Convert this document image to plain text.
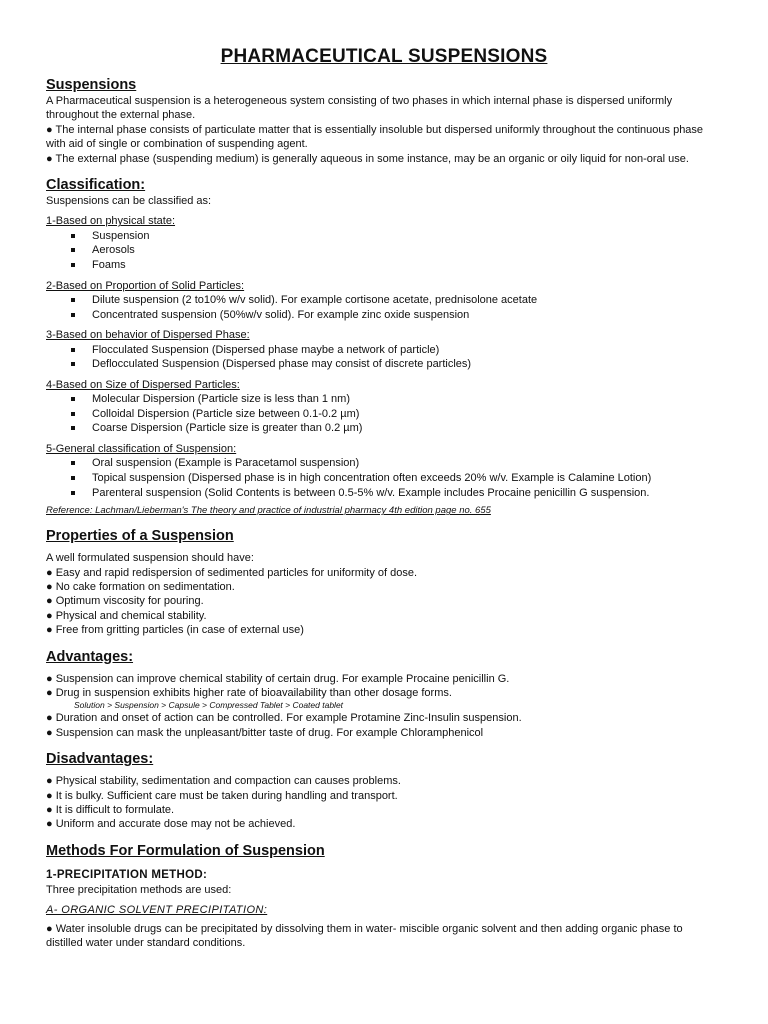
PHARMACEUTICAL SUSPENSIONS
Suspensions

A Pharmaceutical suspension is a heterogeneous system consisting of two phases in which internal phase is dispersed uniformly throughout the external phase.

● The internal phase consists of particulate matter that is essentially insoluble but dispersed uniformly throughout the continuous phase with aid of single or combination of suspending agent.

● The external phase (suspending medium) is generally aqueous in some instance, may be an organic or oily liquid for non-oral use.

Classification:

Suspensions can be classified as:

1-Based on physical state:

Suspension
Aerosols
Foams

2-Based on Proportion of Solid Particles:

Dilute suspension (2 to10% w/v solid). For example cortisone acetate, prednisolone acetate
Concentrated suspension (50%w/v solid). For example zinc oxide suspension

3-Based on behavior of Dispersed Phase:

Flocculated Suspension (Dispersed phase maybe a network of particle)
Deflocculated Suspension (Dispersed phase may consist of discrete particles)

4-Based on Size of Dispersed Particles:

Molecular Dispersion (Particle size is less than 1 nm)
Colloidal Dispersion (Particle size between 0.1-0.2 µm)
Coarse Dispersion (Particle size is greater than 0.2 µm)

5-General classification of Suspension:

Oral suspension (Example is Paracetamol suspension)
Topical suspension (Dispersed phase is in high concentration often exceeds 20% w/v. Example is Calamine Lotion)
Parenteral suspension (Solid Contents is between 0.5-5% w/v. Example includes Procaine penicillin G suspension.

Reference: Lachman/Lieberman's The theory and practice of industrial pharmacy 4th edition page no. 655

Properties of a Suspension

A well formulated suspension should have:

● Easy and rapid redispersion of sedimented particles for uniformity of dose.

● No cake formation on sedimentation.

● Optimum viscosity for pouring.

● Physical and chemical stability.

● Free from gritting particles (in case of external use)

Advantages:

● Suspension can improve chemical stability of certain drug. For example Procaine penicillin G.

● Drug in suspension exhibits higher rate of bioavailability than other dosage forms.

Solution > Suspension > Capsule > Compressed Tablet > Coated tablet

● Duration and onset of action can be controlled. For example Protamine Zinc-Insulin suspension.

● Suspension can mask the unpleasant/bitter taste of drug. For example Chloramphenicol

Disadvantages:

● Physical stability, sedimentation and compaction can causes problems.

● It is bulky. Sufficient care must be taken during handling and transport.

● It is difficult to formulate.

● Uniform and accurate dose may not be achieved.

Methods For Formulation of Suspension

1-PRECIPITATION METHOD:

Three precipitation methods are used:

A- ORGANIC SOLVENT PRECIPITATION:

● Water insoluble drugs can be precipitated by dissolving them in water- miscible organic solvent and then adding organic phase to distilled water under standard conditions.
